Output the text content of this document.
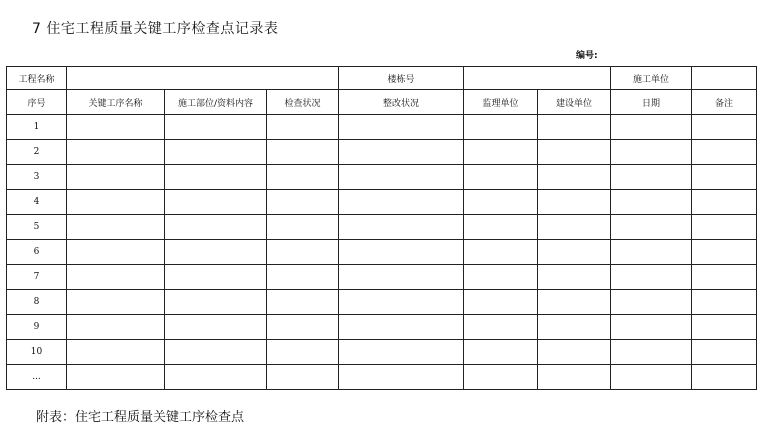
7 住宅工程质量关键工序检查点记录表
编号:
工程名称				楼栋号			施工单位	
序号	关键工序名称	施工部位/资料内容	检查状况	整改状况	监理单位	建设单位	日期	备注
1								
2								
3								
4								
5								
6								
7								
8								
9								
10								
...								
附表：住宅工程质量关键工序检查点
